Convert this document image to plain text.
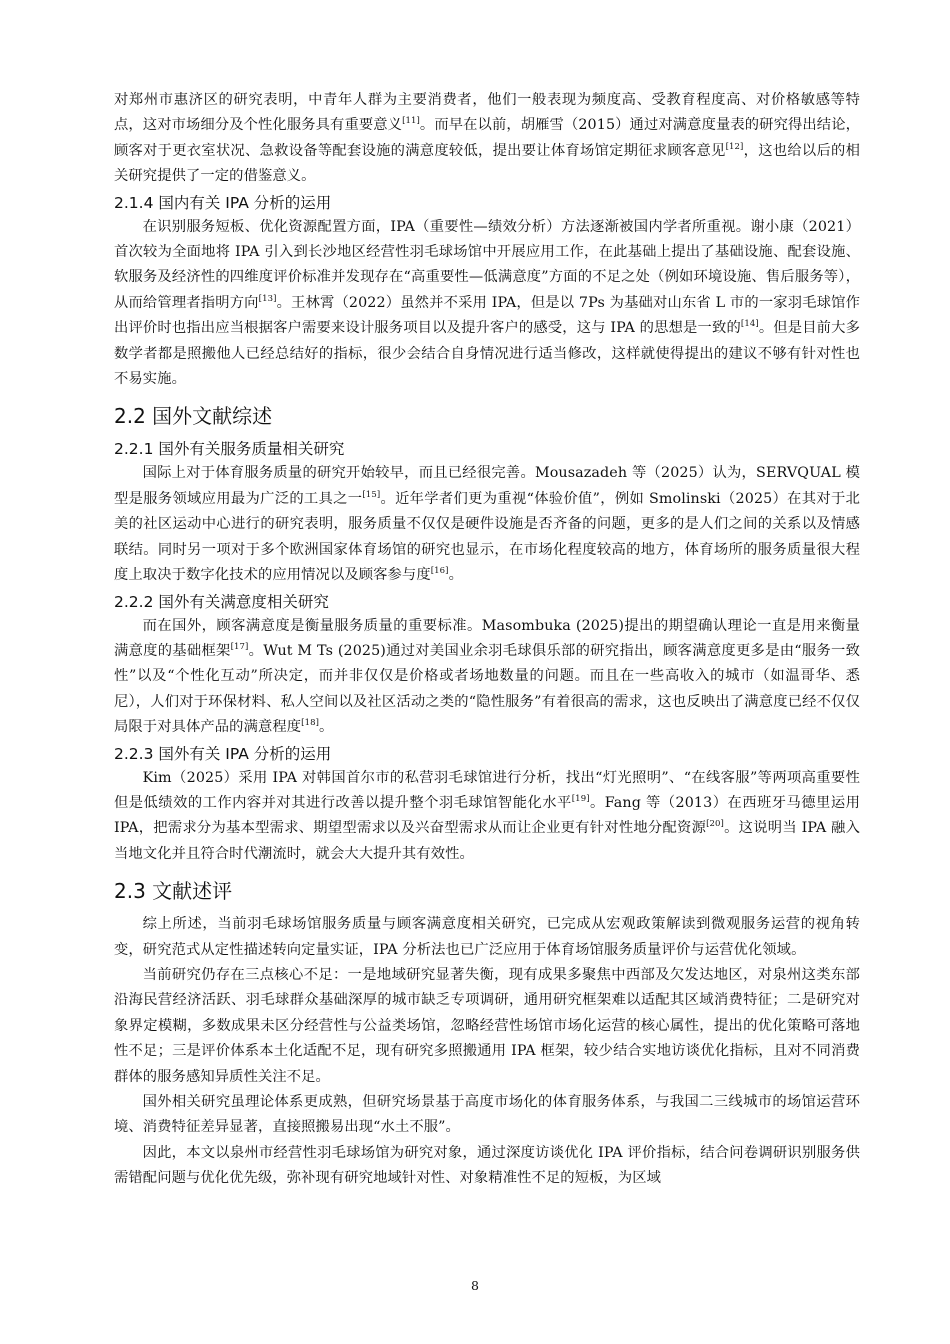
对郑州市惠济区的研究表明，中青年人群为主要消费者，他们一般表现为频度高、受教育程度高、对价格敏感等特点，这对市场细分及个性化服务具有重要意义[11]。而早在以前，胡雁雪（2015）通过对满意度量表的研究得出结论，顾客对于更衣室状况、急救设备等配套设施的满意度较低，提出要让体育场馆定期征求顾客意见[12]，这也给以后的相关研究提供了一定的借鉴意义。

2.1.4 国内有关 IPA 分析的运用

在识别服务短板、优化资源配置方面，IPA（重要性—绩效分析）方法逐渐被国内学者所重视。谢小康（2021）首次较为全面地将 IPA 引入到长沙地区经营性羽毛球场馆中开展应用工作，在此基础上提出了基础设施、配套设施、软服务及经济性的四维度评价标准并发现存在“高重要性—低满意度”方面的不足之处（例如环境设施、售后服务等），从而给管理者指明方向[13]。王林霄（2022）虽然并不采用 IPA，但是以 7Ps 为基础对山东省 L 市的一家羽毛球馆作出评价时也指出应当根据客户需要来设计服务项目以及提升客户的感受，这与 IPA 的思想是一致的[14]。但是目前大多数学者都是照搬他人已经总结好的指标，很少会结合自身情况进行适当修改，这样就使得提出的建议不够有针对性也不易实施。

2.2 国外文献综述
2.2.1 国外有关服务质量相关研究

国际上对于体育服务质量的研究开始较早，而且已经很完善。Mousazadeh 等（2025）认为，SERVQUAL 模型是服务领域应用最为广泛的工具之一[15]。近年学者们更为重视“体验价值”，例如 Smolinski（2025）在其对于北美的社区运动中心进行的研究表明，服务质量不仅仅是硬件设施是否齐备的问题，更多的是人们之间的关系以及情感联结。同时另一项对于多个欧洲国家体育场馆的研究也显示，在市场化程度较高的地方，体育场所的服务质量很大程度上取决于数字化技术的应用情况以及顾客参与度[16]。

2.2.2 国外有关满意度相关研究

而在国外，顾客满意度是衡量服务质量的重要标准。Masombuka (2025)提出的期望确认理论一直是用来衡量满意度的基础框架[17]。Wut M Ts (2025)通过对美国业余羽毛球俱乐部的研究指出，顾客满意度更多是由“服务一致性”以及“个性化互动”所决定，而并非仅仅是价格或者场地数量的问题。而且在一些高收入的城市（如温哥华、悉尼），人们对于环保材料、私人空间以及社区活动之类的“隐性服务”有着很高的需求，这也反映出了满意度已经不仅仅局限于对具体产品的满意程度[18]。

2.2.3 国外有关 IPA 分析的运用

Kim（2025）采用 IPA 对韩国首尔市的私营羽毛球馆进行分析，找出“灯光照明”、“在线客服”等两项高重要性但是低绩效的工作内容并对其进行改善以提升整个羽毛球馆智能化水平[19]。Fang 等（2013）在西班牙马德里运用 IPA，把需求分为基本型需求、期望型需求以及兴奋型需求从而让企业更有针对性地分配资源[20]。这说明当 IPA 融入当地文化并且符合时代潮流时，就会大大提升其有效性。

2.3 文献述评

综上所述，当前羽毛球场馆服务质量与顾客满意度相关研究，已完成从宏观政策解读到微观服务运营的视角转变，研究范式从定性描述转向定量实证，IPA 分析法也已广泛应用于体育场馆服务质量评价与运营优化领域。

当前研究仍存在三点核心不足：一是地域研究显著失衡，现有成果多聚焦中西部及欠发达地区，对泉州这类东部沿海民营经济活跃、羽毛球群众基础深厚的城市缺乏专项调研，通用研究框架难以适配其区域消费特征；二是研究对象界定模糊，多数成果未区分经营性与公益类场馆，忽略经营性场馆市场化运营的核心属性，提出的优化策略可落地性不足；三是评价体系本土化适配不足，现有研究多照搬通用 IPA 框架，较少结合实地访谈优化指标，且对不同消费群体的服务感知异质性关注不足。

国外相关研究虽理论体系更成熟，但研究场景基于高度市场化的体育服务体系，与我国二三线城市的场馆运营环境、消费特征差异显著，直接照搬易出现“水土不服”。

因此，本文以泉州市经营性羽毛球场馆为研究对象，通过深度访谈优化 IPA 评价指标，结合问卷调研识别服务供需错配问题与优化优先级，弥补现有研究地域针对性、对象精准性不足的短板，为区域

8
